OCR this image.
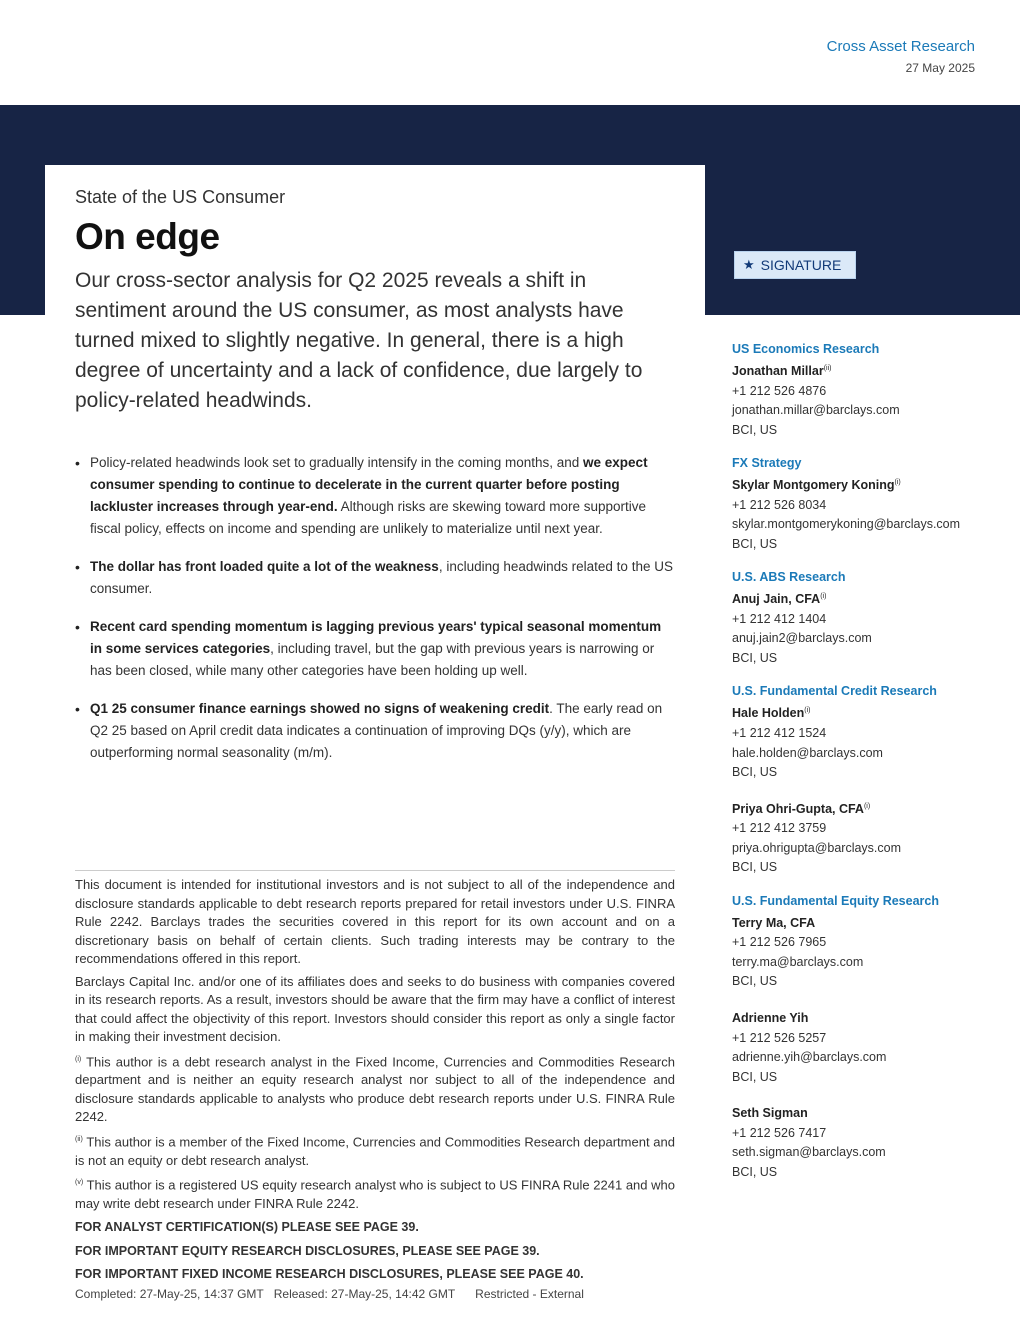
Cross Asset Research
27 May 2025
State of the US Consumer
On edge
Our cross-sector analysis for Q2 2025 reveals a shift in sentiment around the US consumer, as most analysts have turned mixed to slightly negative. In general, there is a high degree of uncertainty and a lack of confidence, due largely to policy-related headwinds.
★ SIGNATURE
• Policy-related headwinds look set to gradually intensify in the coming months, and we expect consumer spending to continue to decelerate in the current quarter before posting lackluster increases through year-end. Although risks are skewing toward more supportive fiscal policy, effects on income and spending are unlikely to materialize until next year.
• The dollar has front loaded quite a lot of the weakness, including headwinds related to the US consumer.
• Recent card spending momentum is lagging previous years' typical seasonal momentum in some services categories, including travel, but the gap with previous years is narrowing or has been closed, while many other categories have been holding up well.
• Q1 25 consumer finance earnings showed no signs of weakening credit. The early read on Q2 25 based on April credit data indicates a continuation of improving DQs (y/y), which are outperforming normal seasonality (m/m).

This document is intended for institutional investors and is not subject to all of the independence and disclosure standards applicable to debt research reports prepared for retail investors under U.S. FINRA Rule 2242. Barclays trades the securities covered in this report for its own account and on a discretionary basis on behalf of certain clients. Such trading interests may be contrary to the recommendations offered in this report.

Barclays Capital Inc. and/or one of its affiliates does and seeks to do business with companies covered in its research reports. As a result, investors should be aware that the firm may have a conflict of interest that could affect the objectivity of this report. Investors should consider this report as only a single factor in making their investment decision.

$^{(i)}$ This author is a debt research analyst in the Fixed Income, Currencies and Commodities Research department and is neither an equity research analyst nor subject to all of the independence and disclosure standards applicable to analysts who produce debt research reports under U.S. FINRA Rule 2242.

$^{(ii)}$ This author is a member of the Fixed Income, Currencies and Commodities Research department and is not an equity or debt research analyst.

$^{(v)}$ This author is a registered US equity research analyst who is subject to US FINRA Rule 2241 and who may write debt research under FINRA Rule 2242.

FOR ANALYST CERTIFICATION(S) PLEASE SEE PAGE 39.

FOR IMPORTANT EQUITY RESEARCH DISCLOSURES, PLEASE SEE PAGE 39.

FOR IMPORTANT FIXED INCOME RESEARCH DISCLOSURES, PLEASE SEE PAGE 40.

Completed: 27-May-25, 14:37 GMT Released: 27-May-25, 14:42 GMT Restricted - External
US Economics Research
Jonathan Millar$^{(ii)}$
+1 212 526 4876
jonathan.millar@barclays.com
BCI, US
FX Strategy
Skylar Montgomery Koning$^{(i)}$
+1 212 526 8034
skylar.montgomerykoning@barclays.com
BCI, US
U.S. ABS Research
Anuj Jain, $CFA^{(i)}$
+1 212 412 1404
anuj.jain2@barclays.com
BCI, US
U.S. Fundamental Credit Research
Hale Holden$^{(i)}$
+1 212 412 1524
hale.holden@barclays.com
BCI, US
Priya Ohri-Gupta, $CFA^{(i)}$
+1 212 412 3759
priya.ohrigupta@barclays.com
BCI, US
U.S. Fundamental Equity Research
Terry Ma, CFA
+1 212 526 7965
terry.ma@barclays.com
BCI, US
Adrienne Yih
+1 212 526 5257
adrienne.yih@barclays.com
BCI, US
Seth Sigman
+1 212 526 7417
seth.sigman@barclays.com
BCI, US
